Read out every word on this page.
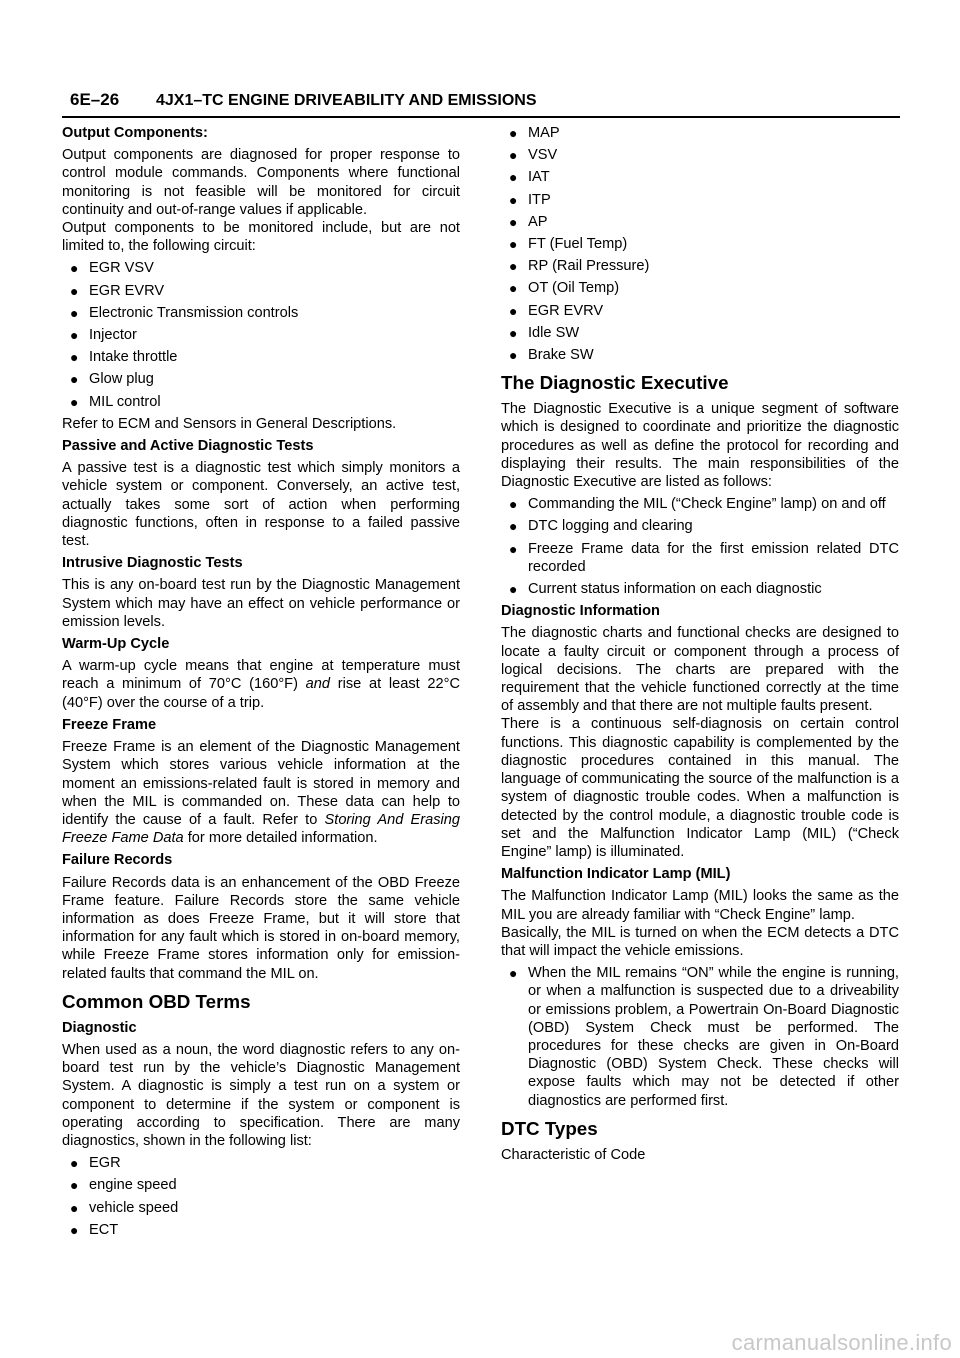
6E–26 4JX1–TC ENGINE DRIVEABILITY AND EMISSIONS
Output Components:

Output components are diagnosed for proper response to control module commands. Components where functional monitoring is not feasible will be monitored for circuit continuity and out-of-range values if applicable.

Output components to be monitored include, but are not limited to, the following circuit:

● EGR VSV
● EGR EVRV
● Electronic Transmission controls
● Injector
● Intake throttle
● Glow plug
● MIL control

Refer to ECM and Sensors in General Descriptions.

Passive and Active Diagnostic Tests

A passive test is a diagnostic test which simply monitors a vehicle system or component. Conversely, an active test, actually takes some sort of action when performing diagnostic functions, often in response to a failed passive test.

Intrusive Diagnostic Tests

This is any on-board test run by the Diagnostic Management System which may have an effect on vehicle performance or emission levels.

Warm-Up Cycle

A warm-up cycle means that engine at temperature must reach a minimum of 70°C (160°F) and rise at least 22°C (40°F) over the course of a trip.

Freeze Frame

Freeze Frame is an element of the Diagnostic Management System which stores various vehicle information at the moment an emissions-related fault is stored in memory and when the MIL is commanded on. These data can help to identify the cause of a fault. Refer to Storing And Erasing Freeze Fame Data for more detailed information.

Failure Records

Failure Records data is an enhancement of the OBD Freeze Frame feature. Failure Records store the same vehicle information as does Freeze Frame, but it will store that information for any fault which is stored in on-board memory, while Freeze Frame stores information only for emission-related faults that command the MIL on.

Common OBD Terms
Diagnostic

When used as a noun, the word diagnostic refers to any on-board test run by the vehicle’s Diagnostic Management System. A diagnostic is simply a test run on a system or component to determine if the system or component is operating according to specification. There are many diagnostics, shown in the following list:

● EGR
● engine speed
● vehicle speed
● ECT
● MAP
● VSV
● IAT
● ITP
● AP
● FT (Fuel Temp)
● RP (Rail Pressure)
● OT (Oil Temp)
● EGR EVRV
● Idle SW
● Brake SW
The Diagnostic Executive

The Diagnostic Executive is a unique segment of software which is designed to coordinate and prioritize the diagnostic procedures as well as define the protocol for recording and displaying their results. The main responsibilities of the Diagnostic Executive are listed as follows:

● Commanding the MIL (“Check Engine” lamp) on and off
● DTC logging and clearing
● Freeze Frame data for the first emission related DTC recorded
● Current status information on each diagnostic
Diagnostic Information

The diagnostic charts and functional checks are designed to locate a faulty circuit or component through a process of logical decisions. The charts are prepared with the requirement that the vehicle functioned correctly at the time of assembly and that there are not multiple faults present.

There is a continuous self-diagnosis on certain control functions. This diagnostic capability is complemented by the diagnostic procedures contained in this manual. The language of communicating the source of the malfunction is a system of diagnostic trouble codes. When a malfunction is detected by the control module, a diagnostic trouble code is set and the Malfunction Indicator Lamp (MIL) (“Check Engine” lamp) is illuminated.

Malfunction Indicator Lamp (MIL)

The Malfunction Indicator Lamp (MIL) looks the same as the MIL you are already familiar with “Check Engine” lamp.

Basically, the MIL is turned on when the ECM detects a DTC that will impact the vehicle emissions.

● When the MIL remains “ON” while the engine is running, or when a malfunction is suspected due to a driveability or emissions problem, a Powertrain On-Board Diagnostic (OBD) System Check must be performed. The procedures for these checks are given in On-Board Diagnostic (OBD) System Check. These checks will expose faults which may not be detected if other diagnostics are performed first.
DTC Types

Characteristic of Code

carmanualsonline.info
